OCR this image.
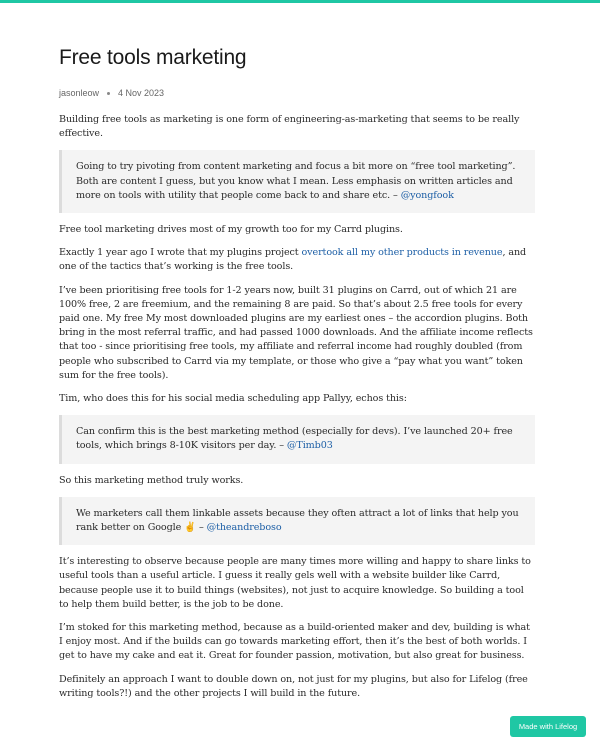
Free tools marketing
jasonleow 4 Nov 2023

Building free tools as marketing is one form of engineering-as-marketing that seems to be really effective.

Going to try pivoting from content marketing and focus a bit more on “free tool marketing”. Both are content I guess, but you know what I mean. Less emphasis on written articles and more on tools with utility that people come back to and share etc. – @yongfook

Free tool marketing drives most of my growth too for my Carrd plugins.

Exactly 1 year ago I wrote that my plugins project overtook all my other products in revenue, and one of the tactics that’s working is the free tools.

I’ve been prioritising free tools for 1-2 years now, built 31 plugins on Carrd, out of which 21 are 100% free, 2 are freemium, and the remaining 8 are paid. So that’s about 2.5 free tools for every paid one. My free My most downloaded plugins are my earliest ones – the accordion plugins. Both bring in the most referral traffic, and had passed 1000 downloads. And the affiliate income reflects that too - since prioritising free tools, my affiliate and referral income had roughly doubled (from people who subscribed to Carrd via my template, or those who give a “pay what you want” token sum for the free tools).

Tim, who does this for his social media scheduling app Pallyy, echos this:

Can confirm this is the best marketing method (especially for devs). I’ve launched 20+ free tools, which brings 8-10K visitors per day. – @Timb03

So this marketing method truly works.

We marketers call them linkable assets because they often attract a lot of links that help you rank better on Google ✌️ – @theandreboso

It’s interesting to observe because people are many times more willing and happy to share links to useful tools than a useful article. I guess it really gels well with a website builder like Carrd, because people use it to build things (websites), not just to acquire knowledge. So building a tool to help them build better, is the job to be done.

I’m stoked for this marketing method, because as a build-oriented maker and dev, building is what I enjoy most. And if the builds can go towards marketing effort, then it’s the best of both worlds. I get to have my cake and eat it. Great for founder passion, motivation, but also great for business.

Definitely an approach I want to double down on, not just for my plugins, but also for Lifelog (free writing tools?!) and the other projects I will build in the future.

Made with Lifelog
